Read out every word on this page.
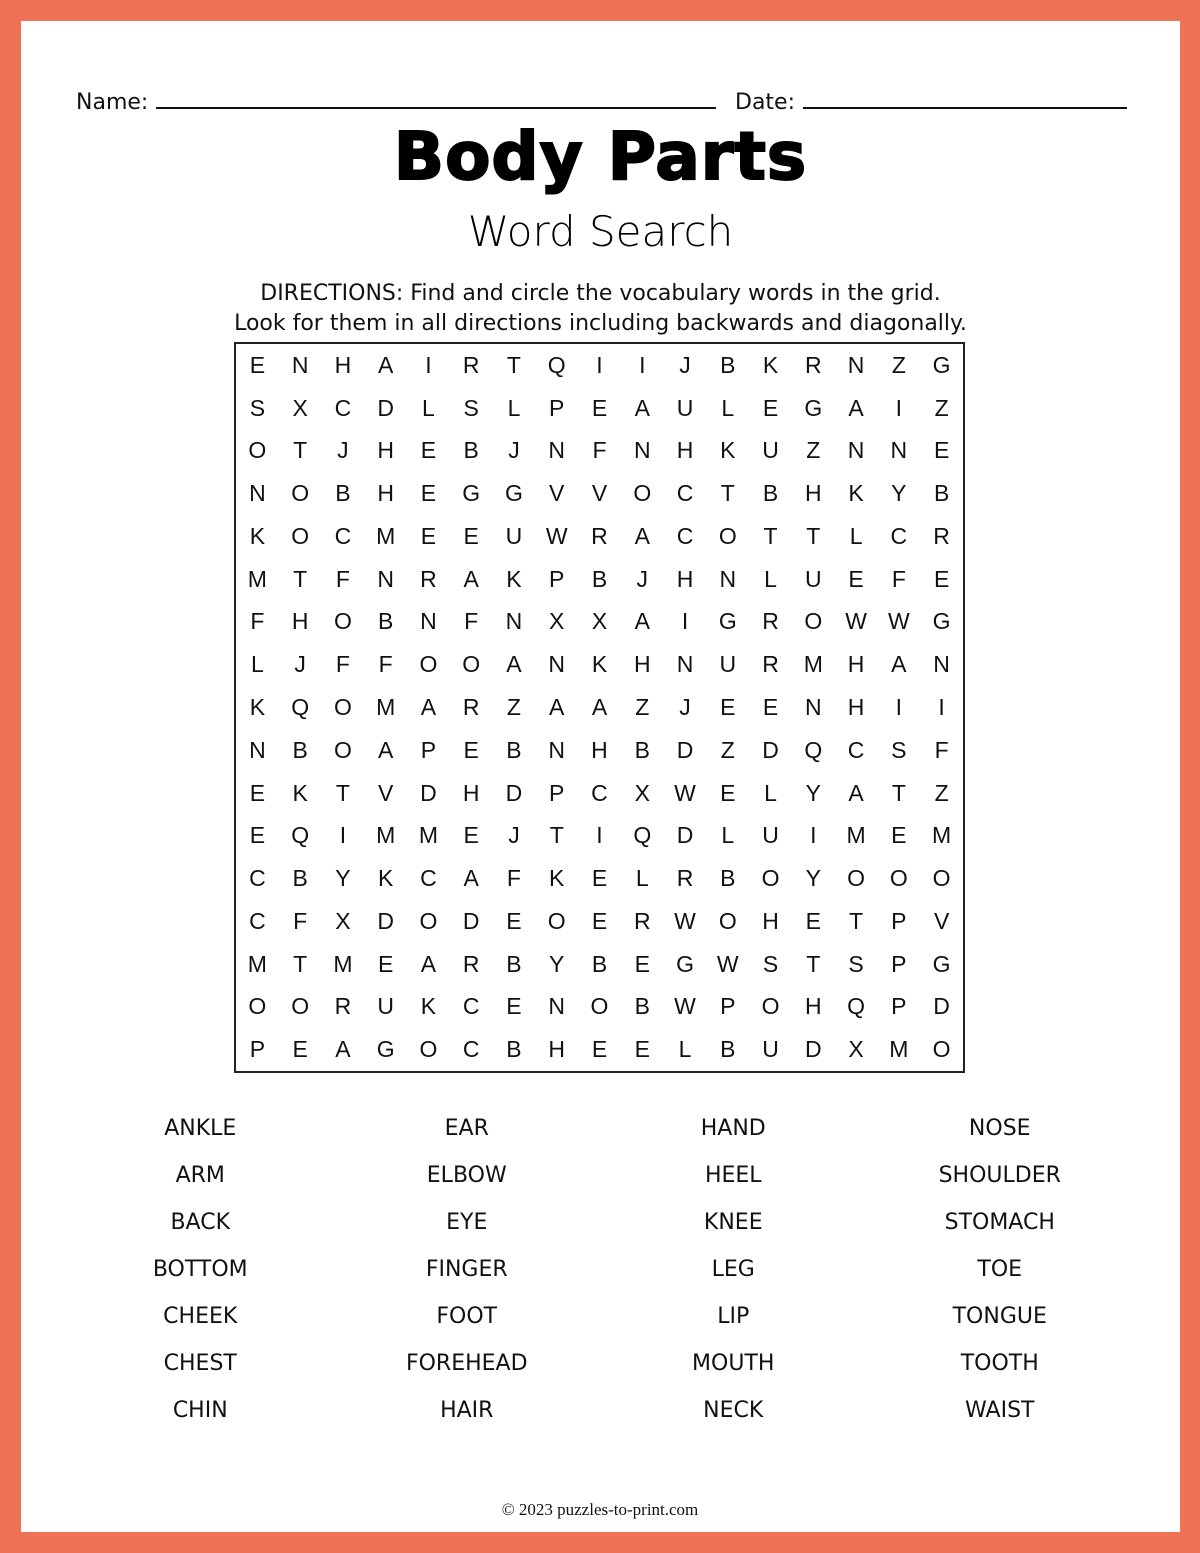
Name:	Date:
Body Parts
Word Search
DIRECTIONS: Find and circle the vocabulary words in the grid.
Look for them in all directions including backwards and diagonally.
E	N	H	A	I	R	T	Q	I	I	J	B	K	R	N	Z	G
S	X	C	D	L	S	L	P	E	A	U	L	E	G	A	I	Z
O	T	J	H	E	B	J	N	F	N	H	K	U	Z	N	N	E
N	O	B	H	E	G	G	V	V	O	C	T	B	H	K	Y	B
K	O	C	M	E	E	U	W	R	A	C	O	T	T	L	C	R
M	T	F	N	R	A	K	P	B	J	H	N	L	U	E	F	E
F	H	O	B	N	F	N	X	X	A	I	G	R	O W W G
L	J	F	F	O	O	A	N	K	H	N	U	R	M	H	A	N
K	Q	O	M	A	R	Z	A	A	Z	J	E	E	N	H	I	I
N	B	O	A	P	E	B	N	H	B	D	Z	D	Q	C	S	F
E	K	T	V	D	H	D	P	C	X	W	E	L	Y	A	T	Z
E	Q	I	M	M	E	J	T	I	Q	D	L	U	I	M	E	M
C	B	Y	K	C	A	F	K	E	L	R	B	O	Y	O	O	O
C	F	X	D	O	D	E	O	E	R	W O	H	E	T	P	V
M	T	M	E	A	R	B	Y	B	E	G W	S	T	S	P	G
O	O	R	U	K	C	E	N	O	B	W	P	O	H	Q	P	D
P	E	A	G	O	C	B	H	E	E	L	B	U	D	X	M	O
ANKLE
ARM
BACK
BOTTOM
CHEEK
CHEST
CHIN
EAR
ELBOW
EYE
FINGER
FOOT
FOREHEAD
HAIR
HAND
HEEL
KNEE
LEG
LIP
MOUTH
NECK
NOSE
SHOULDER
STOMACH
TOE
TONGUE
TOOTH
WAIST
© 2023 puzzles-to-print.com
